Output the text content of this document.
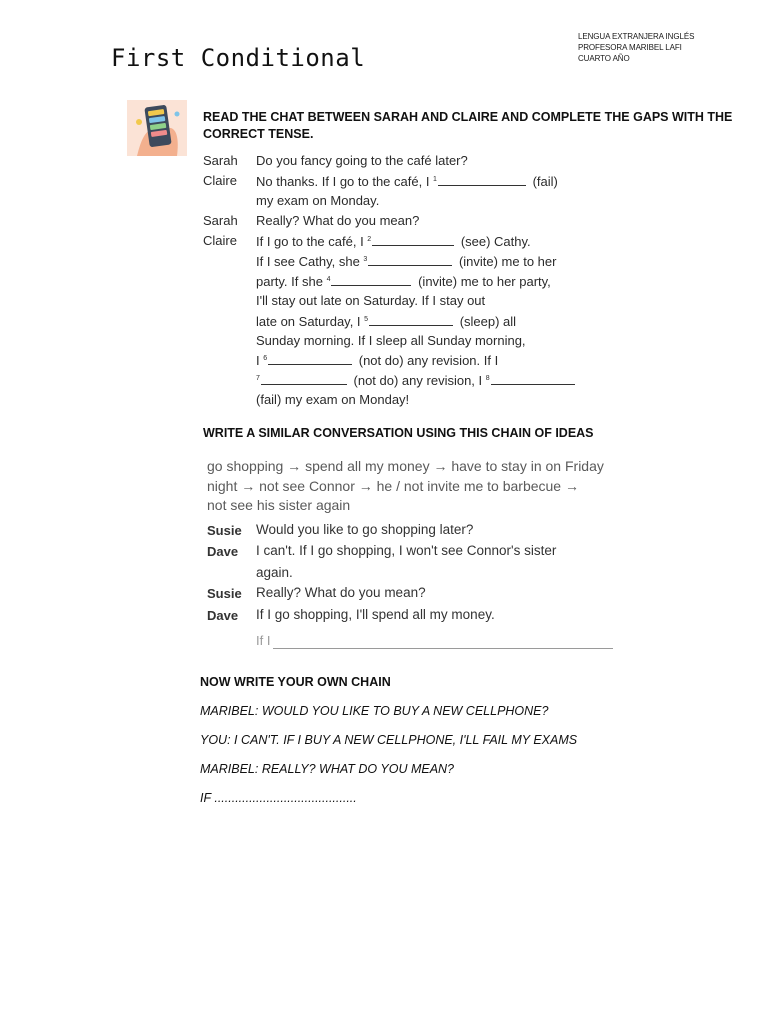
LENGUA EXTRANJERA INGLÉS
PROFESORA MARIBEL LAFI
CUARTO AÑO
First Conditional
READ THE CHAT BETWEEN SARAH AND CLAIRE AND COMPLETE THE GAPS WITH THE
CORRECT TENSE.
Sarah	Do you fancy going to the café later?
Claire	No thanks. If I go to the café, I $^1$	(fail)
my exam on Monday.
Sarah	Really? What do you mean?
Claire	If I go to the café, I $^2$	(see) Cathy.
If I see Cathy, she $^3$	(invite) me to her
party. If she $^4$	(invite) me to her party,
I'll stay out late on Saturday. If I stay out
late on Saturday, I $^5$	(sleep) all
Sunday morning. If I sleep all Sunday morning,
I $^6$	(not do) any revision. If I
$^7$	(not do) any revision, I $^8$
(fail) my exam on Monday!
WRITE A SIMILAR CONVERSATION USING THIS CHAIN OF IDEAS
go shopping → spend all my money → have to stay in on Friday
night → not see Connor → he / not invite me to barbecue →
not see his sister again
Susie Would you like to go shopping later?
Dave I can't. If I go shopping, I won't see Connor's sister
again.
Susie Really? What do you mean?
Dave If I go shopping, I'll spend all my money.
If I
NOW WRITE YOUR OWN CHAIN
MARIBEL: WOULD YOU LIKE TO BUY A NEW CELLPHONE?
YOU: I CAN'T. IF I BUY A NEW CELLPHONE, I'LL FAIL MY EXAMS
MARIBEL: REALLY? WHAT DO YOU MEAN?
IF .........................................
